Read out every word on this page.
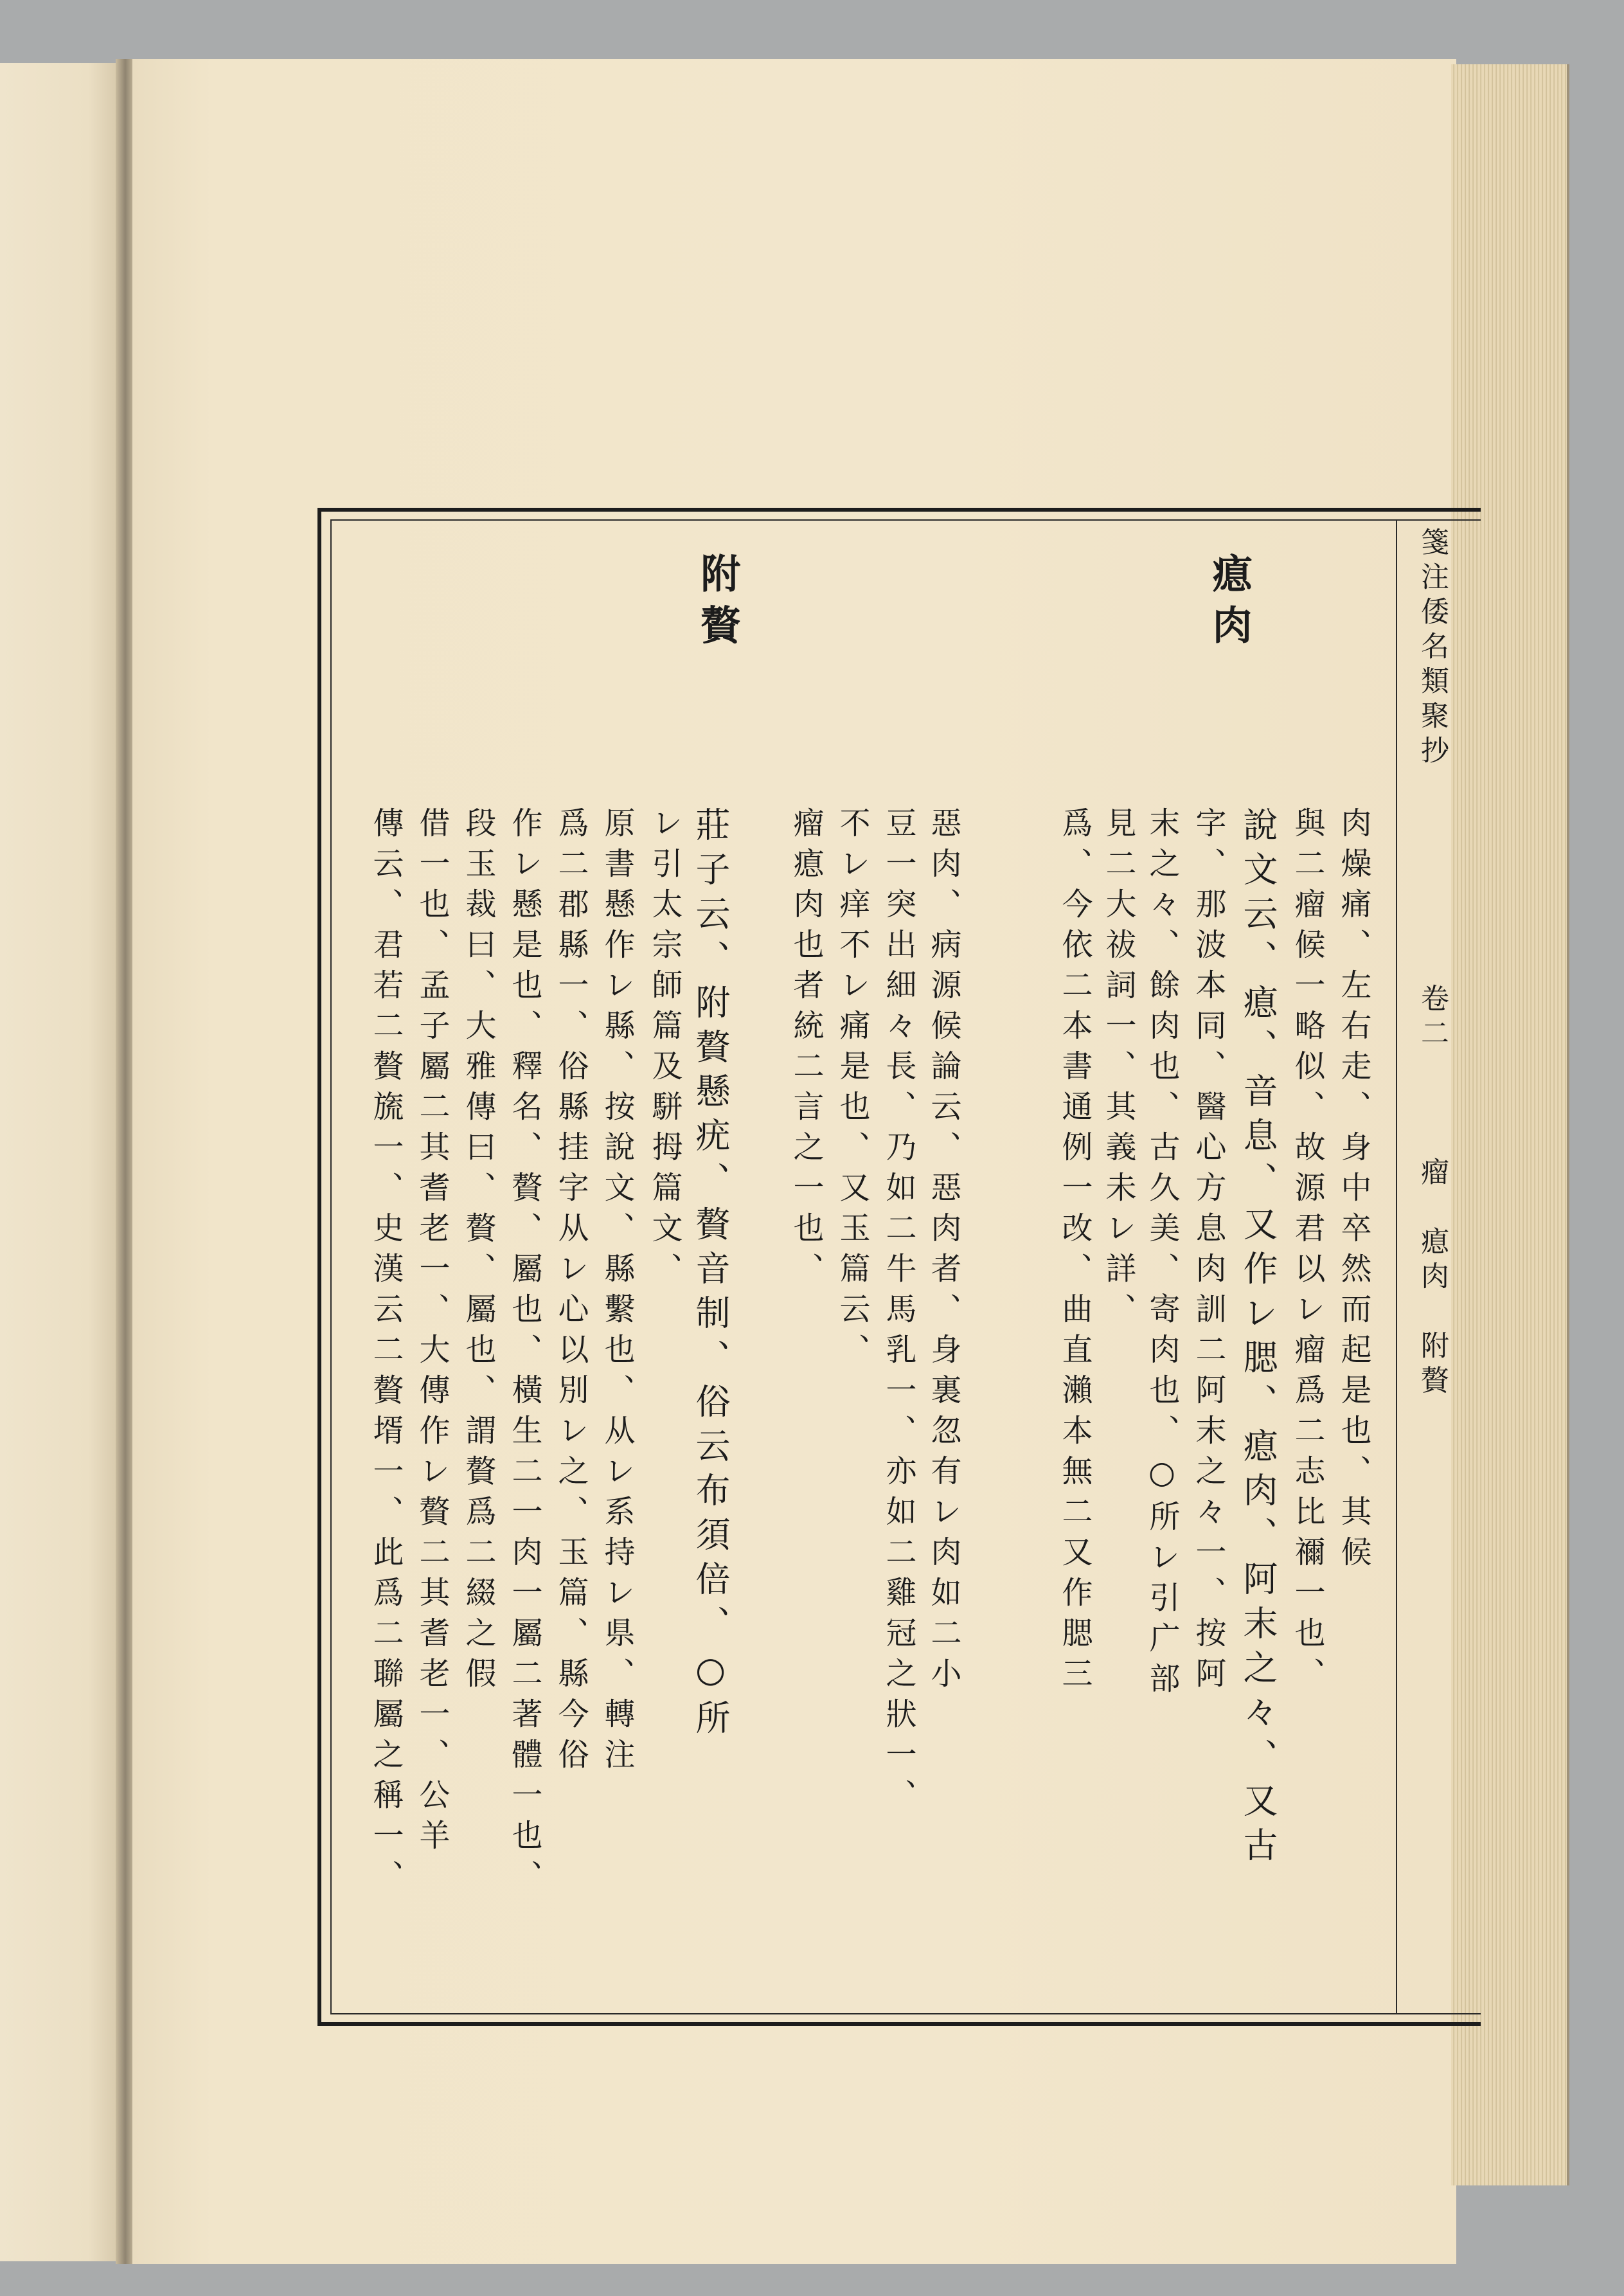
箋注倭名類聚抄
卷二
瘤　瘜肉　附贅
瘜肉
肉燥痛、左右走、身中卒然而起是也、其候
與二瘤候一略似、故源君以レ瘤爲二志比禰一也、
說文云、瘜、音息、又作レ腮、瘜肉、阿末之々、又古
字、那波本同、醫心方息肉訓二阿末之々一、按阿
末之々、餘肉也、古久美、寄肉也、○所レ引广部
見二大祓詞一、其義未レ詳、
爲、今依二本書通例一改、曲直瀨本無二又作腮三
惡肉、病源候論云、惡肉者、身裏忽有レ肉如二小
豆一突出細々長、乃如二牛馬乳一、亦如二雞冠之狀一、
不レ痒不レ痛是也、又玉篇云、
瘤瘜肉也者統二言之一也、
附贅
莊子云、附贅懸疣、贅音制、俗云布須倍、○所
レ引太宗師篇及駢拇篇文、
原書懸作レ縣、按說文、縣繫也、从レ系持レ県、轉注
爲二郡縣一、俗縣挂字从レ心以別レ之、玉篇、縣今俗
作レ懸是也、釋名、贅、屬也、橫生二一肉一屬二著體一也、
段玉裁曰、大雅傳曰、贅、屬也、謂贅爲二綴之假
借一也、孟子屬二其耆老一、大傳作レ贅二其耆老一、公羊
傳云、君若二贅旒一、史漢云二贅壻一、此爲二聯屬之稱一、
